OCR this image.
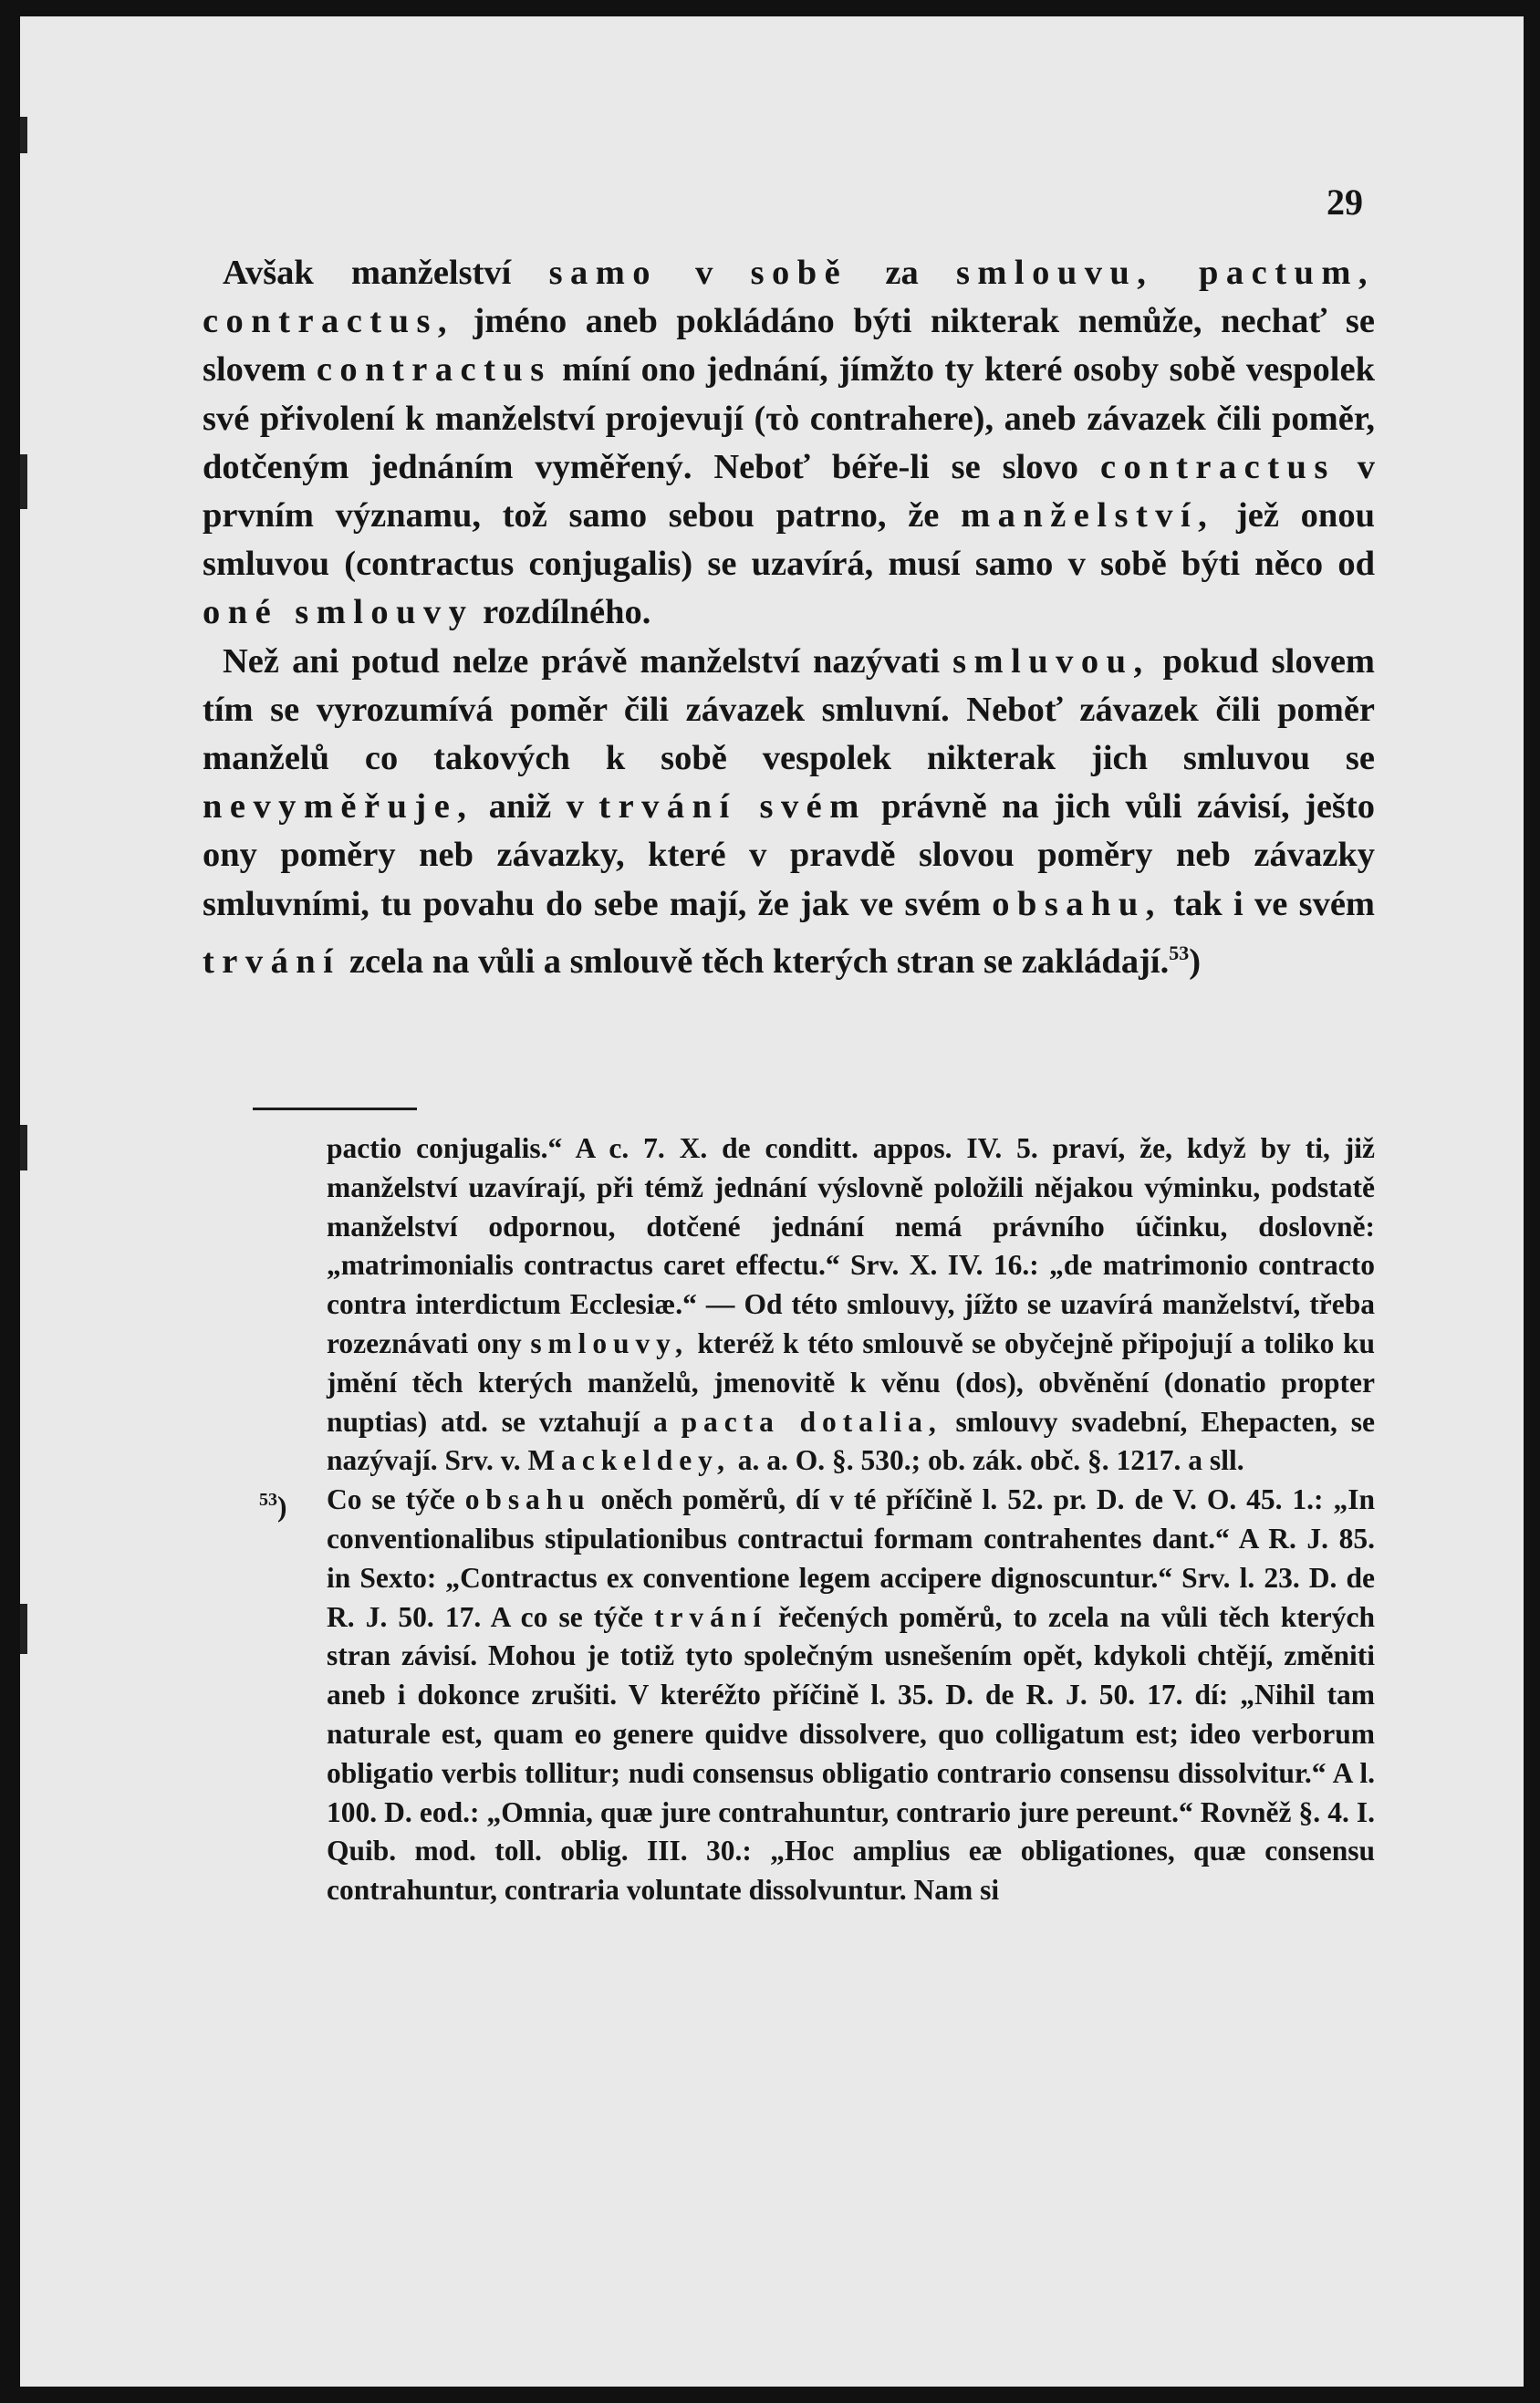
29

Avšak manželství samo v sobě za smlouvu, pactum, contractus, jméno aneb pokládáno býti nikterak nemůže, nechať se slovem contractus míní ono jednání, jímžto ty které osoby sobě vespolek své přivolení k manželství projevují (τὸ contrahere), aneb závazek čili poměr, dotčeným jednáním vyměřený. Neboť béře-li se slovo contractus v prvním významu, tož samo sebou patrno, že manželství, jež onou smluvou (contractus conjugalis) se uzavírá, musí samo v sobě býti něco od oné smlouvy rozdílného.

Než ani potud nelze právě manželství nazývati smluvou, pokud slovem tím se vyrozumívá poměr čili závazek smluvní. Neboť závazek čili poměr manželů co takových k sobě vespolek nikterak jich smluvou se nevyměřuje, aniž v trvání svém právně na jich vůli závisí, ješto ony poměry neb závazky, které v pravdě slovou poměry neb závazky smluvními, tu povahu do sebe mají, že jak ve svém obsahu, tak i ve svém trvání zcela na vůli a smlouvě těch kterých stran se zakládají.$^{53}$)

pactio conjugalis.“ A c. 7. X. de conditt. appos. IV. 5. praví, že, když by ti, již manželství uzavírají, při témž jednání výslovně položili nějakou výminku, podstatě manželství odpornou, dotčené jednání nemá právního účinku, doslovně: „matrimonialis contractus caret effectu.“ Srv. X. IV. 16.: „de matrimonio contracto contra interdictum Ecclesiæ.“ — Od této smlouvy, jížto se uzavírá manželství, třeba rozeznávati ony smlouvy, kteréž k této smlouvě se obyčejně připojují a toliko ku jmění těch kterých manželů, jmenovitě k věnu (dos), obvěnění (donatio propter nuptias) atd. se vztahují a pacta dotalia, smlouvy svadební, Ehepacten, se nazývají. Srv. v. Mackeldey, a. a. O. §. 530.; ob. zák. obč. §. 1217. a sll.

$^{53}$)	Co se týče obsahu oněch poměrů, dí v té příčině l. 52. pr. D. de V. O. 45. 1.: „In conventionalibus stipulationibus contractui formam contrahentes dant.“ A R. J. 85. in Sexto: „Contractus ex conventione legem accipere dignoscuntur.“ Srv. l. 23. D. de R. J. 50. 17. A co se týče trvání řečených poměrů, to zcela na vůli těch kterých stran závisí. Mohou je totiž tyto společným usnešením opět, kdykoli chtějí, změniti aneb i dokonce zrušiti. V kteréžto příčině l. 35. D. de R. J. 50. 17. dí: „Nihil tam naturale est, quam eo genere quidve dissolvere, quo colligatum est; ideo verborum obligatio verbis tollitur; nudi consensus obligatio contrario consensu dissolvitur.“ A l. 100. D. eod.: „Omnia, quæ jure contrahuntur, contrario jure pereunt.“ Rovněž §. 4. I. Quib. mod. toll. oblig. III. 30.: „Hoc amplius eæ obligationes, quæ consensu contrahuntur, contraria voluntate dissolvuntur. Nam si
